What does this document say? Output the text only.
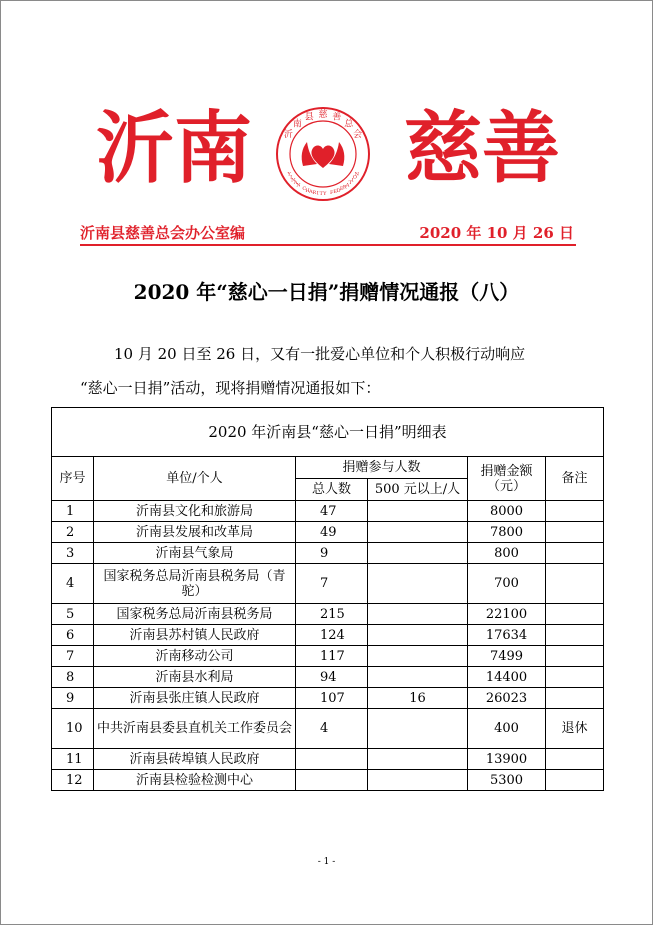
沂南	沂
南
县 慈 善
总
会
Y I N
A
N
C H A R I T Y F E D E R A T I O
N 慈善
沂南县慈善总会办公室编	2020 年 10 月 26 日
2020 年“慈心一日捐”捐赠情况通报（八）
10 月 20 日至 26 日，又有一批爱心单位和个人积极行动响应
“慈心一日捐”活动，现将捐赠情况通报如下：
2020 年沂南县“慈心一日捐”明细表					
序号	单位/个人	捐赠参与人数		捐赠金额（元）	备注
		总人数	500 元以上/人		
1	沂南县文化和旅游局	47		8000	
2	沂南县发展和改革局	49		7800	
3	沂南县气象局	9		800	
4	国家税务总局沂南县税务局（青驼）	7		700	
5	国家税务总局沂南县税务局	215		22100	
6	沂南县苏村镇人民政府	124		17634	
7	沂南移动公司	117		7499	
8	沂南县水利局	94		14400	
9	沂南县张庄镇人民政府	107	16	26023	
10	中共沂南县委县直机关工作委员会	4		400	退休
11	沂南县砖埠镇人民政府			13900	
12	沂南县检验检测中心			5300	
- 1 -
